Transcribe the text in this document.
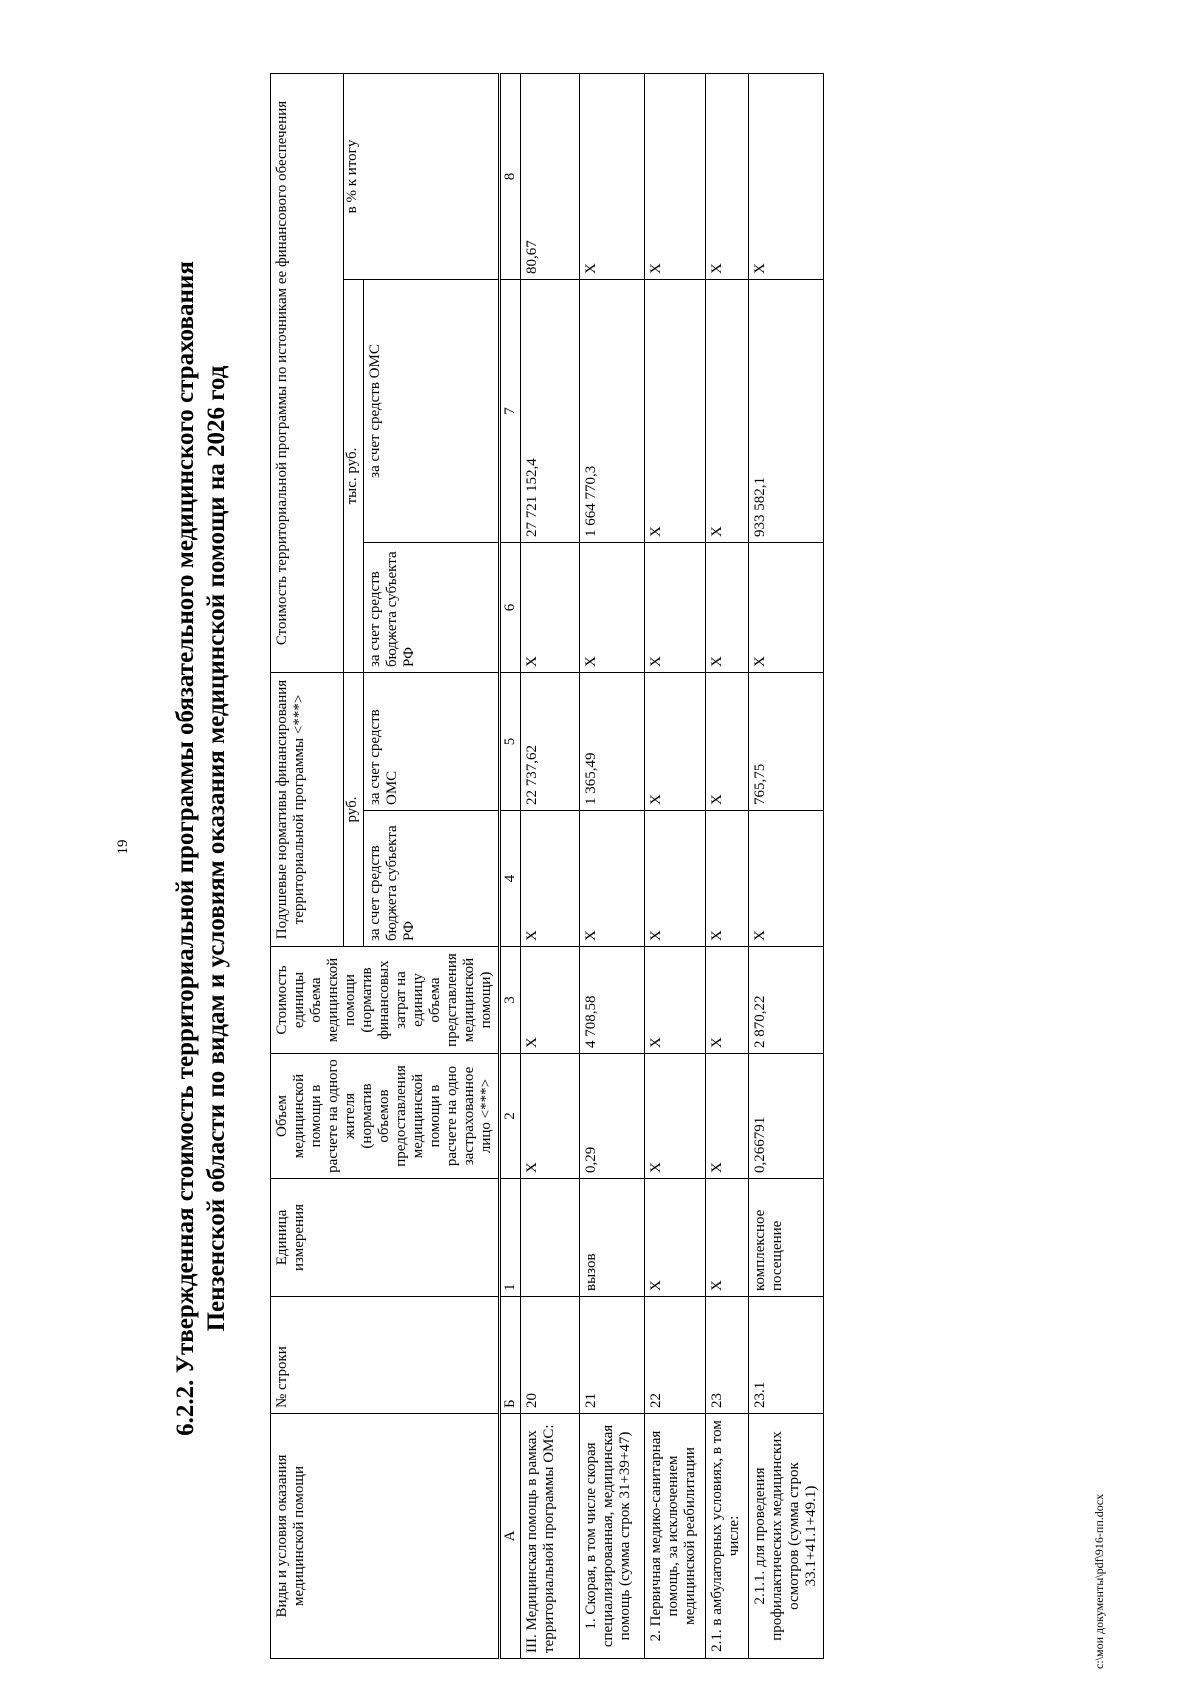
19 6.2.2. Утвержденная стоимость территориальной программы обязательного медицинского страхования Пензенской области по видам и условиям оказания медицинской помощи на 2026 год
Виды и условия оказания медицинской помощи	№ строки	Единица измерения	Объем медицинской помощи в расчете на одного жителя (норматив объемов предоставления медицинской помощи в расчете на одно застрахованное лицо <***>	Стоимость единицы объема медицинской помощи (норматив финансовых затрат на единицу объема представления медицинской помощи)	Подушевые нормативы финансирования территориальной программы <***>		Стоимость территориальной программы по источникам ее финансового обеспечения		
					руб.		тыс. руб.		в % к итогу
					за счет средств бюджета субъекта РФ	за счет средств ОМС	за счет средств бюджета субъекта РФ	за счет средств ОМС	
А	Б	1	2	3	4	5	6	7	8
III. Медицинская помощь в рамках территориальной программы ОМС:	20		X	X	X	22 737,62	X	27 721 152,4	80,67
1. Скорая, в том числе скорая специализированная, медицинская помощь (сумма строк 31+39+47)	21	вызов	0,29	4 708,58	X	1 365,49	X	1 664 770,3	X
2. Первичная медико-санитарная помощь, за исключением медицинской реабилитации	22	X	X	X	X	X	X	X	X
2.1. в амбулаторных условиях, в том числе:	23	X	X	X	X	X	X	X	X
2.1.1. для проведения профилактических медицинских осмотров (сумма строк 33.1+41.1+49.1)	23.1	комплексное посещение	0,266791	2 870,22	X	765,75	X	933 582,1	X
c:\мои документы\pdf\916-пп.docx
